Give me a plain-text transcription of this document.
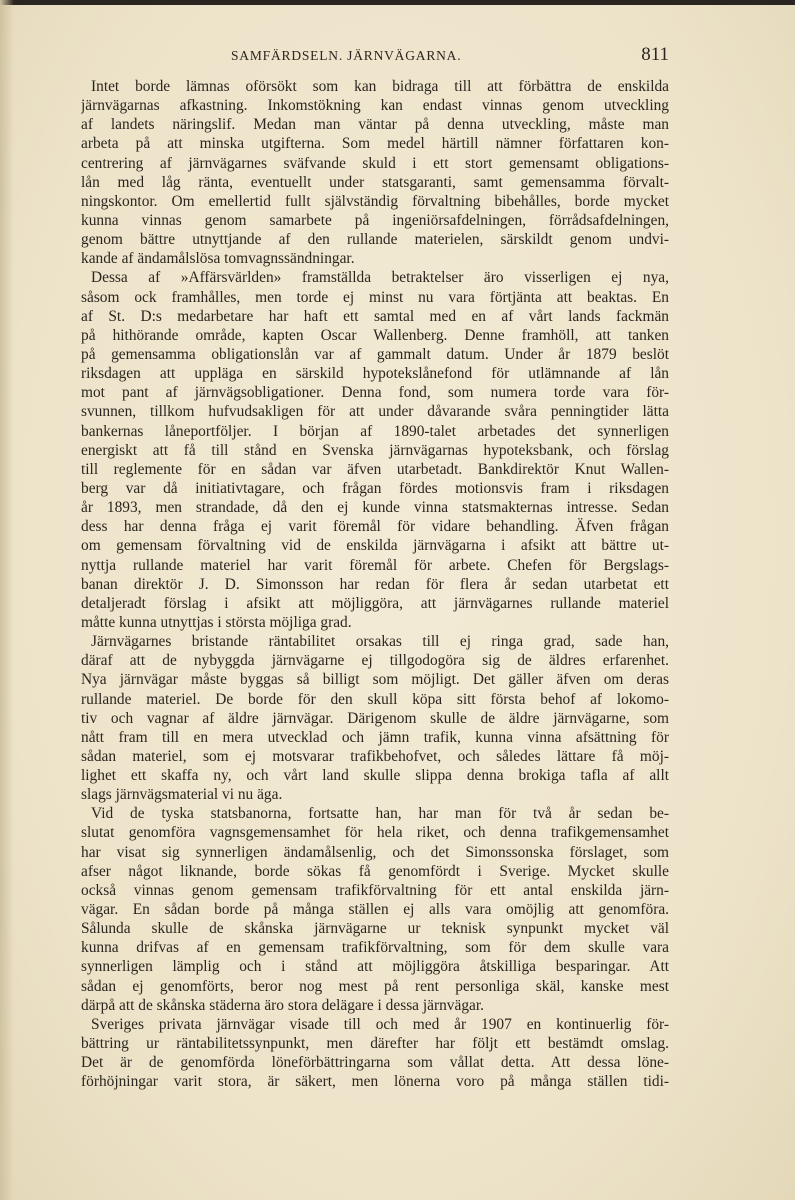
SAMFÄRDSELN. JÄRNVÄGARNA.	811
Intet borde lämnas oförsökt som kan bidraga till att förbättra de enskilda
järnvägarnas afkastning. Inkomstökning kan endast vinnas genom utveckling
af landets näringslif. Medan man väntar på denna utveckling, måste man
arbeta på att minska utgifterna. Som medel härtill nämner författaren kon-
centrering af järnvägarnes sväfvande skuld i ett stort gemensamt obligations-
lån med låg ränta, eventuellt under statsgaranti, samt gemensamma förvalt-
ningskontor. Om emellertid fullt självständig förvaltning bibehålles, borde mycket
kunna vinnas genom samarbete på ingeniörsafdelningen, förrådsafdelningen,
genom bättre utnyttjande af den rullande materielen, särskildt genom undvi-
kande af ändamålslösa tomvagnssändningar.
Dessa af »Affärsvärlden» framställda betraktelser äro visserligen ej nya,
såsom ock framhålles, men torde ej minst nu vara förtjänta att beaktas. En
af St. D:s medarbetare har haft ett samtal med en af vårt lands fackmän
på hithörande område, kapten Oscar Wallenberg. Denne framhöll, att tanken
på gemensamma obligationslån var af gammalt datum. Under år 1879 beslöt
riksdagen att uppläga en särskild hypotekslånefond för utlämnande af lån
mot pant af järnvägsobligationer. Denna fond, som numera torde vara för-
svunnen, tillkom hufvudsakligen för att under dåvarande svåra penningtider lätta
bankernas låneportföljer. I början af 1890-talet arbetades det synnerligen
energiskt att få till stånd en Svenska järnvägarnas hypoteksbank, och förslag
till reglemente för en sådan var äfven utarbetadt. Bankdirektör Knut Wallen-
berg var då initiativtagare, och frågan fördes motionsvis fram i riksdagen
år 1893, men strandade, då den ej kunde vinna statsmakternas intresse. Sedan
dess har denna fråga ej varit föremål för vidare behandling. Äfven frågan
om gemensam förvaltning vid de enskilda järnvägarna i afsikt att bättre ut-
nyttja rullande materiel har varit föremål för arbete. Chefen för Bergslags-
banan direktör J. D. Simonsson har redan för flera år sedan utarbetat ett
detaljeradt förslag i afsikt att möjliggöra, att järnvägarnes rullande materiel
måtte kunna utnyttjas i största möjliga grad.
Järnvägarnes bristande räntabilitet orsakas till ej ringa grad, sade han,
däraf att de nybyggda järnvägarne ej tillgodogöra sig de äldres erfarenhet.
Nya järnvägar måste byggas så billigt som möjligt. Det gäller äfven om deras
rullande materiel. De borde för den skull köpa sitt första behof af lokomo-
tiv och vagnar af äldre järnvägar. Därigenom skulle de äldre järnvägarne, som
nått fram till en mera utvecklad och jämn trafik, kunna vinna afsättning för
sådan materiel, som ej motsvarar trafikbehofvet, och således lättare få möj-
lighet ett skaffa ny, och vårt land skulle slippa denna brokiga tafla af allt
slags järnvägsmaterial vi nu äga.
Vid de tyska statsbanorna, fortsatte han, har man för två år sedan be-
slutat genomföra vagnsgemensamhet för hela riket, och denna trafikgemensamhet
har visat sig synnerligen ändamålsenlig, och det Simonssonska förslaget, som
afser något liknande, borde sökas få genomfördt i Sverige. Mycket skulle
också vinnas genom gemensam trafikförvaltning för ett antal enskilda järn-
vägar. En sådan borde på många ställen ej alls vara omöjlig att genomföra.
Sålunda skulle de skånska järnvägarne ur teknisk synpunkt mycket väl
kunna drifvas af en gemensam trafikförvaltning, som för dem skulle vara
synnerligen lämplig och i stånd att möjliggöra åtskilliga besparingar. Att
sådan ej genomförts, beror nog mest på rent personliga skäl, kanske mest
därpå att de skånska städerna äro stora delägare i dessa järnvägar.
Sveriges privata järnvägar visade till och med år 1907 en kontinuerlig för-
bättring ur räntabilitetssynpunkt, men därefter har följt ett bestämdt omslag.
Det är de genomförda löneförbättringarna som vållat detta. Att dessa löne-
förhöjningar varit stora, är säkert, men lönerna voro på många ställen tidi-
